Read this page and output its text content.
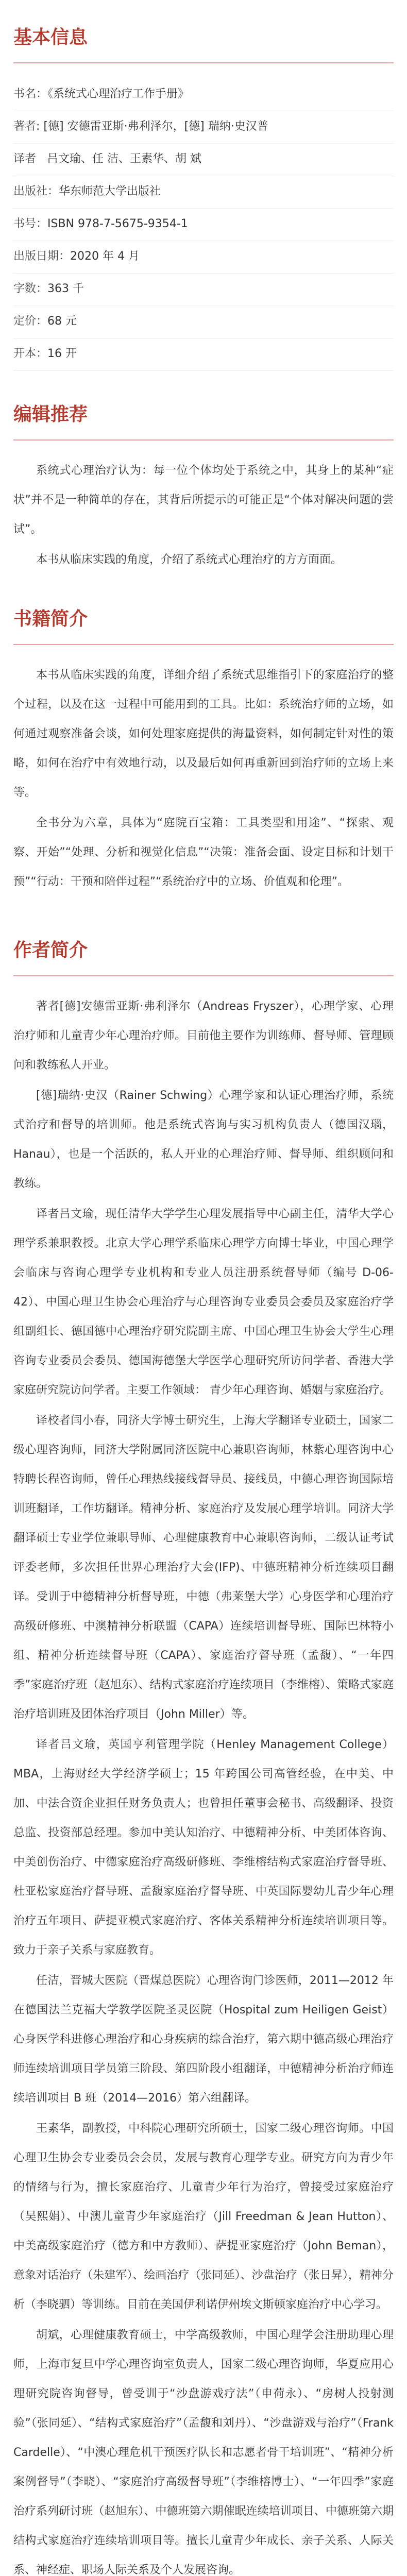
基本信息
书名：《系统式心理治疗工作手册》
著者: [德] 安德雷亚斯·弗利泽尔，[德] 瑞纳·史汉普
译者 吕文瑜、任 洁、王素华、胡 斌
出版社：华东师范大学出版社
书号：ISBN 978-7-5675-9354-1
出版日期：2020 年 4 月
字数：363 千
定价：68 元
开本：16 开
编辑推荐

系统式心理治疗认为：每一位个体均处于系统之中，其身上的某种“症状”并不是一种简单的存在，其背后所提示的可能正是“个体对解决问题的尝试”。

本书从临床实践的角度，介绍了系统式心理治疗的方方面面。

书籍简介

本书从临床实践的角度，详细介绍了系统式思维指引下的家庭治疗的整个过程，以及在这一过程中可能用到的工具。比如：系统治疗师的立场，如何通过观察准备会谈，如何处理家庭提供的海量资料，如何制定针对性的策略，如何在治疗中有效地行动，以及最后如何再重新回到治疗师的立场上来等。

全书分为六章，具体为“庭院百宝箱：工具类型和用途”、“探索、观察、开始”“处理、分析和视觉化信息”“决策：准备会面、设定目标和计划干预”“行动：干预和陪伴过程”“系统治疗中的立场、价值观和伦理”。

作者简介

著者[德]安德雷亚斯·弗利泽尔（Andreas Fryszer），心理学家、心理治疗师和儿童青少年心理治疗师。目前他主要作为训练师、督导师、管理顾问和教练私人开业。

[德]瑞纳·史汉（Rainer Schwing）心理学家和认证心理治疗师，系统式治疗和督导的培训师。他是系统式咨询与实习机构负责人（德国汉瑙，Hanau），也是一个活跃的，私人开业的心理治疗师、督导师、组织顾问和教练。

译者吕文瑜，现任清华大学学生心理发展指导中心副主任，清华大学心理学系兼职教授。北京大学心理学系临床心理学方向博士毕业，中国心理学会临床与咨询心理学专业机构和专业人员注册系统督导师（编号 D-06-42）、中国心理卫生协会心理治疗与心理咨询专业委员会委员及家庭治疗学组副组长、德国德中心理治疗研究院副主席、中国心理卫生协会大学生心理咨询专业委员会委员、德国海德堡大学医学心理研究所访问学者、香港大学家庭研究院访问学者。主要工作领域： 青少年心理咨询、婚姻与家庭治疗。

译校者闫小春，同济大学博士研究生，上海大学翻译专业硕士，国家二级心理咨询师，同济大学附属同济医院中心兼职咨询师，林紫心理咨询中心特聘长程咨询师，曾任心理热线接线督导员、接线员，中德心理咨询国际培训班翻译，工作坊翻译。精神分析、家庭治疗及发展心理学培训。同济大学翻译硕士专业学位兼职导师、心理健康教育中心兼职咨询师，二级认证考试评委老师，多次担任世界心理治疗大会(IFP)、中德班精神分析连续项目翻译。受训于中德精神分析督导班，中德（弗莱堡大学）心身医学和心理治疗高级研修班、中澳精神分析联盟（CAPA）连续培训督导班、国际巴林特小组、精神分析连续督导班（CAPA）、家庭治疗督导班（孟馥）、“一年四季”家庭治疗班（赵旭东）、结构式家庭治疗连续项目（李维榕）、策略式家庭治疗培训班及团体治疗项目（John Miller）等。

译者吕文瑜，英国亨利管理学院（Henley Management College）MBA，上海财经大学经济学硕士；15 年跨国公司高管经验，在中美、中加、中法合资企业担任财务负责人；也曾担任董事会秘书、高级翻译、投资总监、投资部总经理。参加中美认知治疗、中德精神分析、中美团体咨询、中美创伤治疗、中德家庭治疗高级研修班、李维榕结构式家庭治疗督导班、杜亚松家庭治疗督导班、孟馥家庭治疗督导班、中英国际婴幼儿青少年心理治疗五年项目、萨提亚模式家庭治疗、客体关系精神分析连续培训项目等。致力于亲子关系与家庭教育。

任洁，晋城大医院（晋煤总医院）心理咨询门诊医师，2011—2012 年在德国法兰克福大学教学医院圣灵医院（Hospital zum Heiligen Geist）心身医学科进修心理治疗和心身疾病的综合治疗，第六期中德高级心理治疗师连续培训项目学员第三阶段、第四阶段小组翻译，中德精神分析治疗师连续培训项目 B 班（2014—2016）第六组翻译。

王素华，副教授，中科院心理研究所硕士，国家二级心理咨询师。中国心理卫生协会专业委员会会员，发展与教育心理学专业。研究方向为青少年的情绪与行为，擅长家庭治疗、儿童青少年行为治疗，曾接受过家庭治疗（吴熙娟）、中澳儿童青少年家庭治疗（Jill Freedman & Jean Hutton）、中美高级家庭治疗（德方和中方教师）、萨提亚家庭治疗（John Beman），意象对话治疗（朱建军）、绘画治疗（张同延）、沙盘治疗（张日昇），精神分析（李晓驷）等训练。目前在美国伊利诺伊州埃文斯顿家庭治疗中心学习。

胡斌，心理健康教育硕士，中学高级教师，中国心理学会注册助理心理师，上海市复旦中学心理咨询室负责人，国家二级心理咨询师，华夏应用心理研究院咨询督导，曾受训于“沙盘游戏疗法”（申荷永）、“房树人投射测验”（张同延）、“结构式家庭治疗”（孟馥和刘丹）、“沙盘游戏与治疗”（Frank Cardelle）、“中澳心理危机干预医疗队长和志愿者骨干培训班”、“精神分析案例督导”（李晓）、“家庭治疗高级督导班”（李维榕博士）、“一年四季”家庭治疗系列研讨班（赵旭东）、中德班第六期催眠连续培训项目、中德班第六期结构式家庭治疗连续培训项目等。擅长儿童青少年成长、亲子关系、人际关系、神经症、职场人际关系及个人发展咨询。
